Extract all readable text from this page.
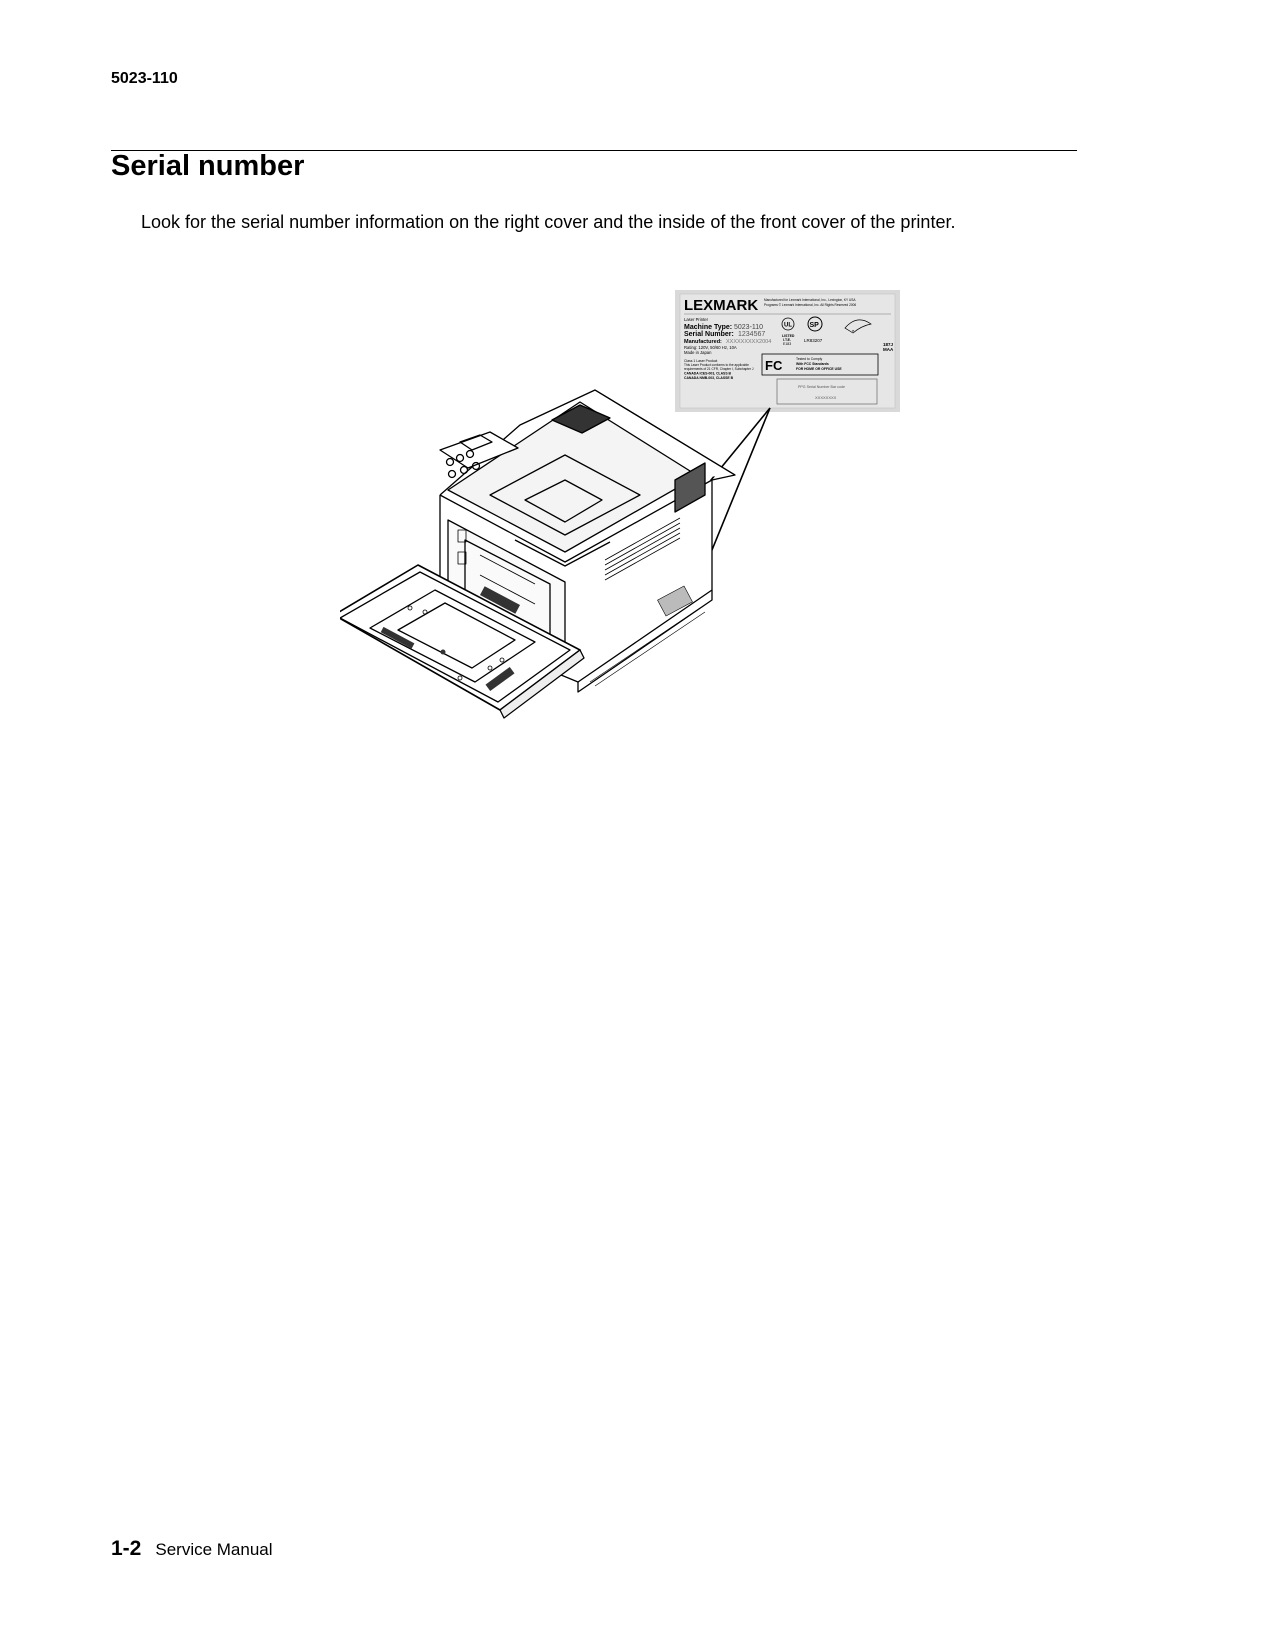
5023-110
Serial number

Look for the serial number information on the right cover and the inside of the front cover of the printer.

LEXMARK Manufactured for Lexmark International, Inc., Lexington, KY USA
Programs © Lexmark International, Inc. All Rights Reserved 2006
Laser Printer
Machine Type: 5023-110
Serial Number: 1234567
Manufactured: XXXXXXXXX2004
Rating: 120V, 50/60 Hz, 10A
Made in Japan
Class 1 Laser Product
This Laser Product conforms to the applicable
requirements of 21 CFR, Chapter I, Subchapter J
CANADA ICES-003, CLASS B
CANADA NMB-003, CLASSE B
UL
LISTED
I.T.E.
E183
SP
LR83207
e
187J
MAA
FC	Tested to Comply
With FCC Standards
FOR HOME OR OFFICE USE
PPG Serial Number Bar code
XXXXXXXX
1-2 Service Manual
